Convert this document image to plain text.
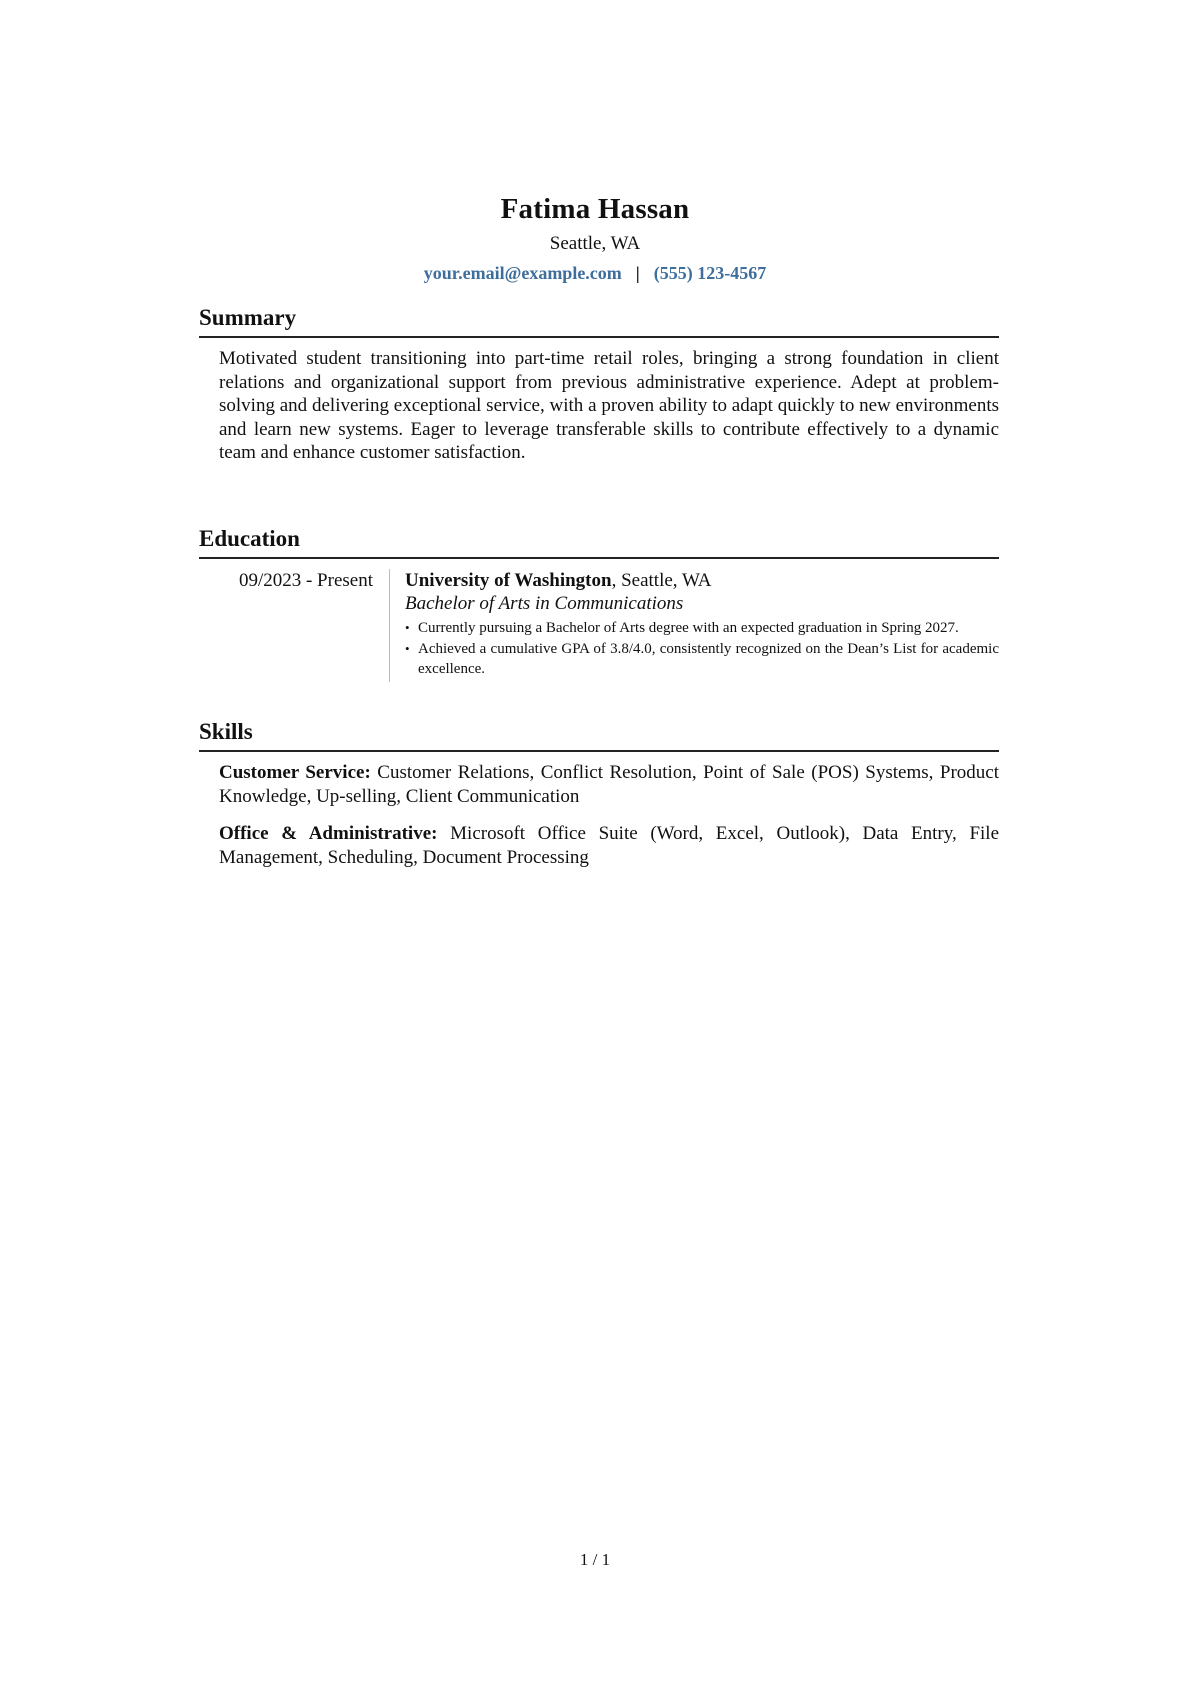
Fatima Hassan
Seattle, WA
your.email@example.com | (555) 123-4567
Summary

Motivated student transitioning into part-time retail roles, bringing a strong foundation in client relations and organizational support from previous administrative experience. Adept at problem-solving and delivering exceptional service, with a proven ability to adapt quickly to new environments and learn new systems. Eager to leverage transferable skills to contribute effectively to a dynamic team and enhance customer satisfaction.

Education
09/2023 - Present	University of Washington, Seattle, WA
Bachelor of Arts in Communications
• Currently pursuing a Bachelor of Arts degree with an expected graduation in Spring 2027.
• Achieved a cumulative GPA of 3.8/4.0, consistently recognized on the Dean’s List for academic excellence.
Skills

Customer Service: Customer Relations, Conflict Resolution, Point of Sale (POS) Systems, Product Knowledge, Up-selling, Client Communication

Office & Administrative: Microsoft Office Suite (Word, Excel, Outlook), Data Entry, File Management, Scheduling, Document Processing

1 / 1
